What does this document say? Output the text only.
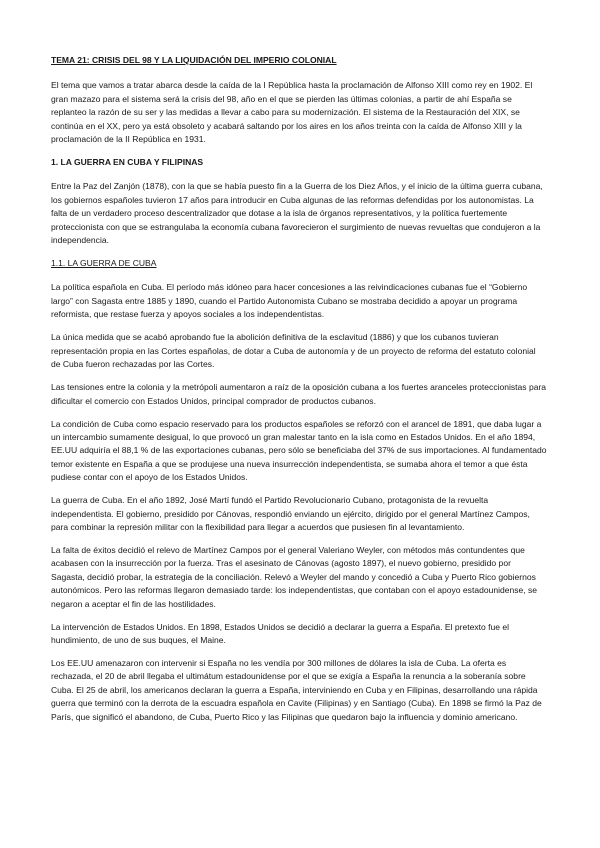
TEMA 21: CRISIS DEL 98 Y LA LIQUIDACIÓN DEL IMPERIO COLONIAL

El tema que vamos a tratar abarca desde la caída de la I República hasta la proclamación de Alfonso XIII como rey en 1902. El gran mazazo para el sistema será la crisis del 98, año en el que se pierden las últimas colonias, a partir de ahí España se replanteo la razón de su ser y las medidas a llevar a cabo para su modernización. El sistema de la Restauración del XIX, se continúa en el XX, pero ya está obsoleto y acabará saltando por los aires en los años treinta con la caída de Alfonso XIII y la proclamación de la II República en 1931.

1. LA GUERRA EN CUBA Y FILIPINAS

Entre la Paz del Zanjón (1878), con la que se había puesto fin a la Guerra de los Diez Años, y el inicio de la última guerra cubana, los gobiernos españoles tuvieron 17 años para introducir en Cuba algunas de las reformas defendidas por los autonomistas. La falta de un verdadero proceso descentralizador que dotase a la isla de órganos representativos, y la política fuertemente proteccionista con que se estrangulaba la economía cubana favorecieron el surgimiento de nuevas revueltas que condujeron a la independencia.

1.1. LA GUERRA DE CUBA

La política española en Cuba. El período más idóneo para hacer concesiones a las reivindicaciones cubanas fue el “Gobierno largo” con Sagasta entre 1885 y 1890, cuando el Partido Autonomista Cubano se mostraba decidido a apoyar un programa reformista, que restase fuerza y apoyos sociales a los independentistas.

La única medida que se acabó aprobando fue la abolición definitiva de la esclavitud (1886) y que los cubanos tuvieran representación propia en las Cortes españolas, de dotar a Cuba de autonomía y de un proyecto de reforma del estatuto colonial de Cuba fueron rechazadas por las Cortes.

Las tensiones entre la colonia y la metrópoli aumentaron a raíz de la oposición cubana a los fuertes aranceles proteccionistas para dificultar el comercio con Estados Unidos, principal comprador de productos cubanos.

La condición de Cuba como espacio reservado para los productos españoles se reforzó con el arancel de 1891, que daba lugar a un intercambio sumamente desigual, lo que provocó un gran malestar tanto en la isla como en Estados Unidos. En el año 1894, EE.UU adquiría el 88,1 % de las exportaciones cubanas, pero sólo se beneficiaba del 37% de sus importaciones. Al fundamentado temor existente en España a que se produjese una nueva insurrección independentista, se sumaba ahora el temor a que ésta pudiese contar con el apoyo de los Estados Unidos.

La guerra de Cuba. En el año 1892, José Martí fundó el Partido Revolucionario Cubano, protagonista de la revuelta independentista. El gobierno, presidido por Cánovas, respondió enviando un ejército, dirigido por el general Martínez Campos, para combinar la represión militar con la flexibilidad para llegar a acuerdos que pusiesen fin al levantamiento.

La falta de éxitos decidió el relevo de Martínez Campos por el general Valeriano Weyler, con métodos más contundentes que acabasen con la insurrección por la fuerza. Tras el asesinato de Cánovas (agosto 1897), el nuevo gobierno, presidido por Sagasta, decidió probar, la estrategia de la conciliación. Relevó a Weyler del mando y concedió a Cuba y Puerto Rico gobiernos autonómicos. Pero las reformas llegaron demasiado tarde: los independentistas, que contaban con el apoyo estadounidense, se negaron a aceptar el fin de las hostilidades.

La intervención de Estados Unidos. En 1898, Estados Unidos se decidió a declarar la guerra a España. El pretexto fue el hundimiento, de uno de sus buques, el Maine.

Los EE.UU amenazaron con intervenir si España no les vendía por 300 millones de dólares la isla de Cuba. La oferta es rechazada, el 20 de abril llegaba el ultimátum estadounidense por el que se exigía a España la renuncia a la soberanía sobre Cuba. El 25 de abril, los americanos declaran la guerra a España, interviniendo en Cuba y en Filipinas, desarrollando una rápida guerra que terminó con la derrota de la escuadra española en Cavite (Filipinas) y en Santiago (Cuba). En 1898 se firmó la Paz de París, que significó el abandono, de Cuba, Puerto Rico y las Filipinas que quedaron bajo la influencia y dominio americano.
